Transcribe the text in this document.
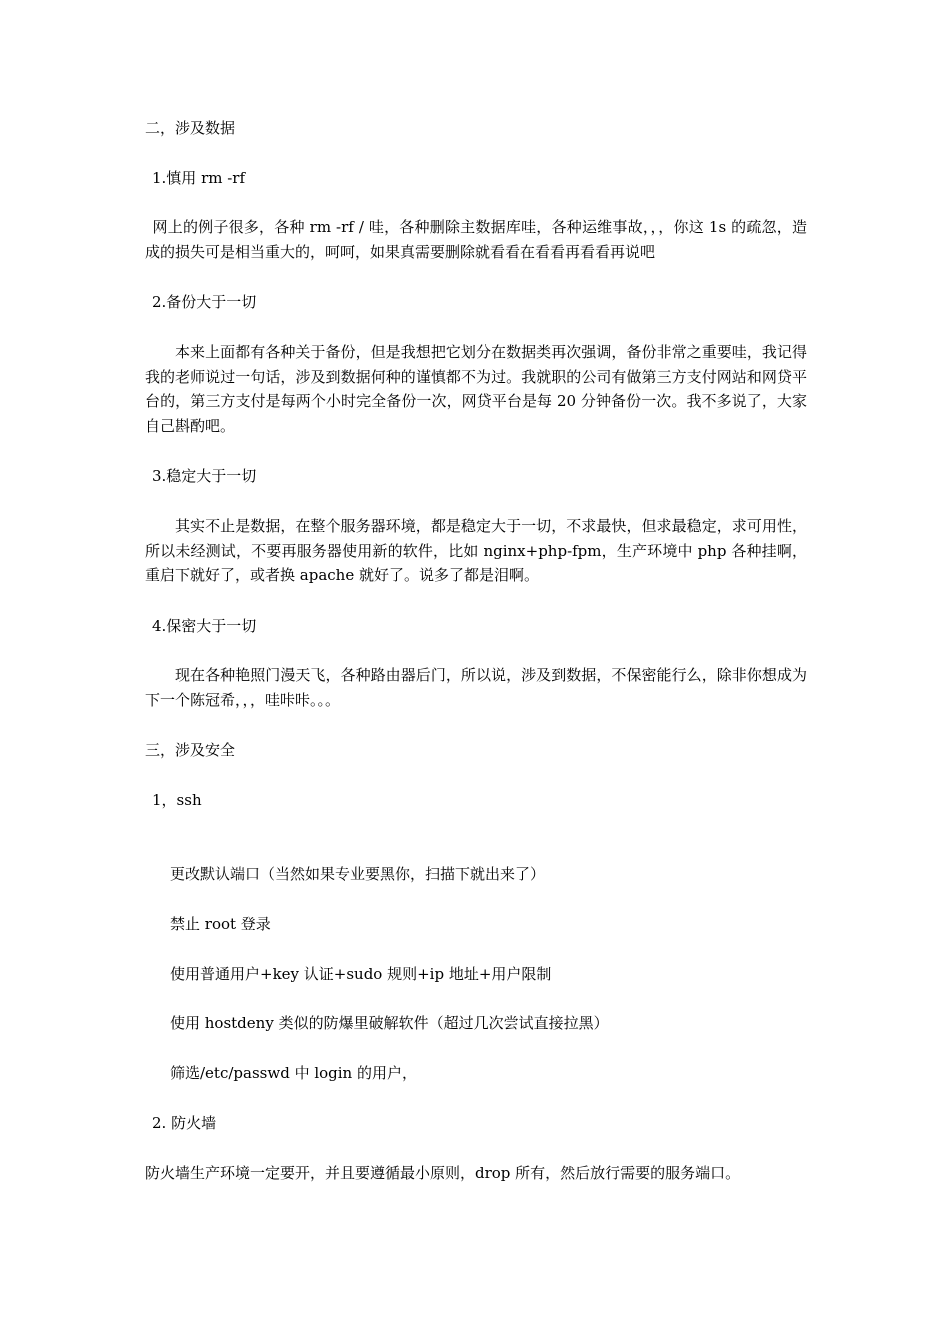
二，涉及数据
1.慎用 rm -rf
网上的例子很多，各种 rm -rf / 哇，各种删除主数据库哇，各种运维事故，，，你这 1s 的疏忽，造成的损失可是相当重大的，呵呵，如果真需要删除就看看在看看再看看再说吧
2.备份大于一切
本来上面都有各种关于备份，但是我想把它划分在数据类再次强调，备份非常之重要哇，我记得我的老师说过一句话，涉及到数据何种的谨慎都不为过。我就职的公司有做第三方支付网站和网贷平台的，第三方支付是每两个小时完全备份一次，网贷平台是每 20 分钟备份一次。我不多说了，大家自己斟酌吧。
3.稳定大于一切
其实不止是数据，在整个服务器环境，都是稳定大于一切，不求最快，但求最稳定，求可用性，所以未经测试，不要再服务器使用新的软件，比如 nginx+php-fpm，生产环境中 php 各种挂啊，重启下就好了，或者换 apache 就好了。说多了都是泪啊。
4.保密大于一切
现在各种艳照门漫天飞，各种路由器后门，所以说，涉及到数据，不保密能行么，除非你想成为下一个陈冠希，，，哇咔咔。。。
三，涉及安全
1，ssh
更改默认端口（当然如果专业要黑你，扫描下就出来了）
禁止 root 登录
使用普通用户+key 认证+sudo 规则+ip 地址+用户限制
使用 hostdeny 类似的防爆里破解软件（超过几次尝试直接拉黑）
筛选/etc/passwd 中 login 的用户，
2. 防火墙
防火墙生产环境一定要开，并且要遵循最小原则，drop 所有，然后放行需要的服务端口。
